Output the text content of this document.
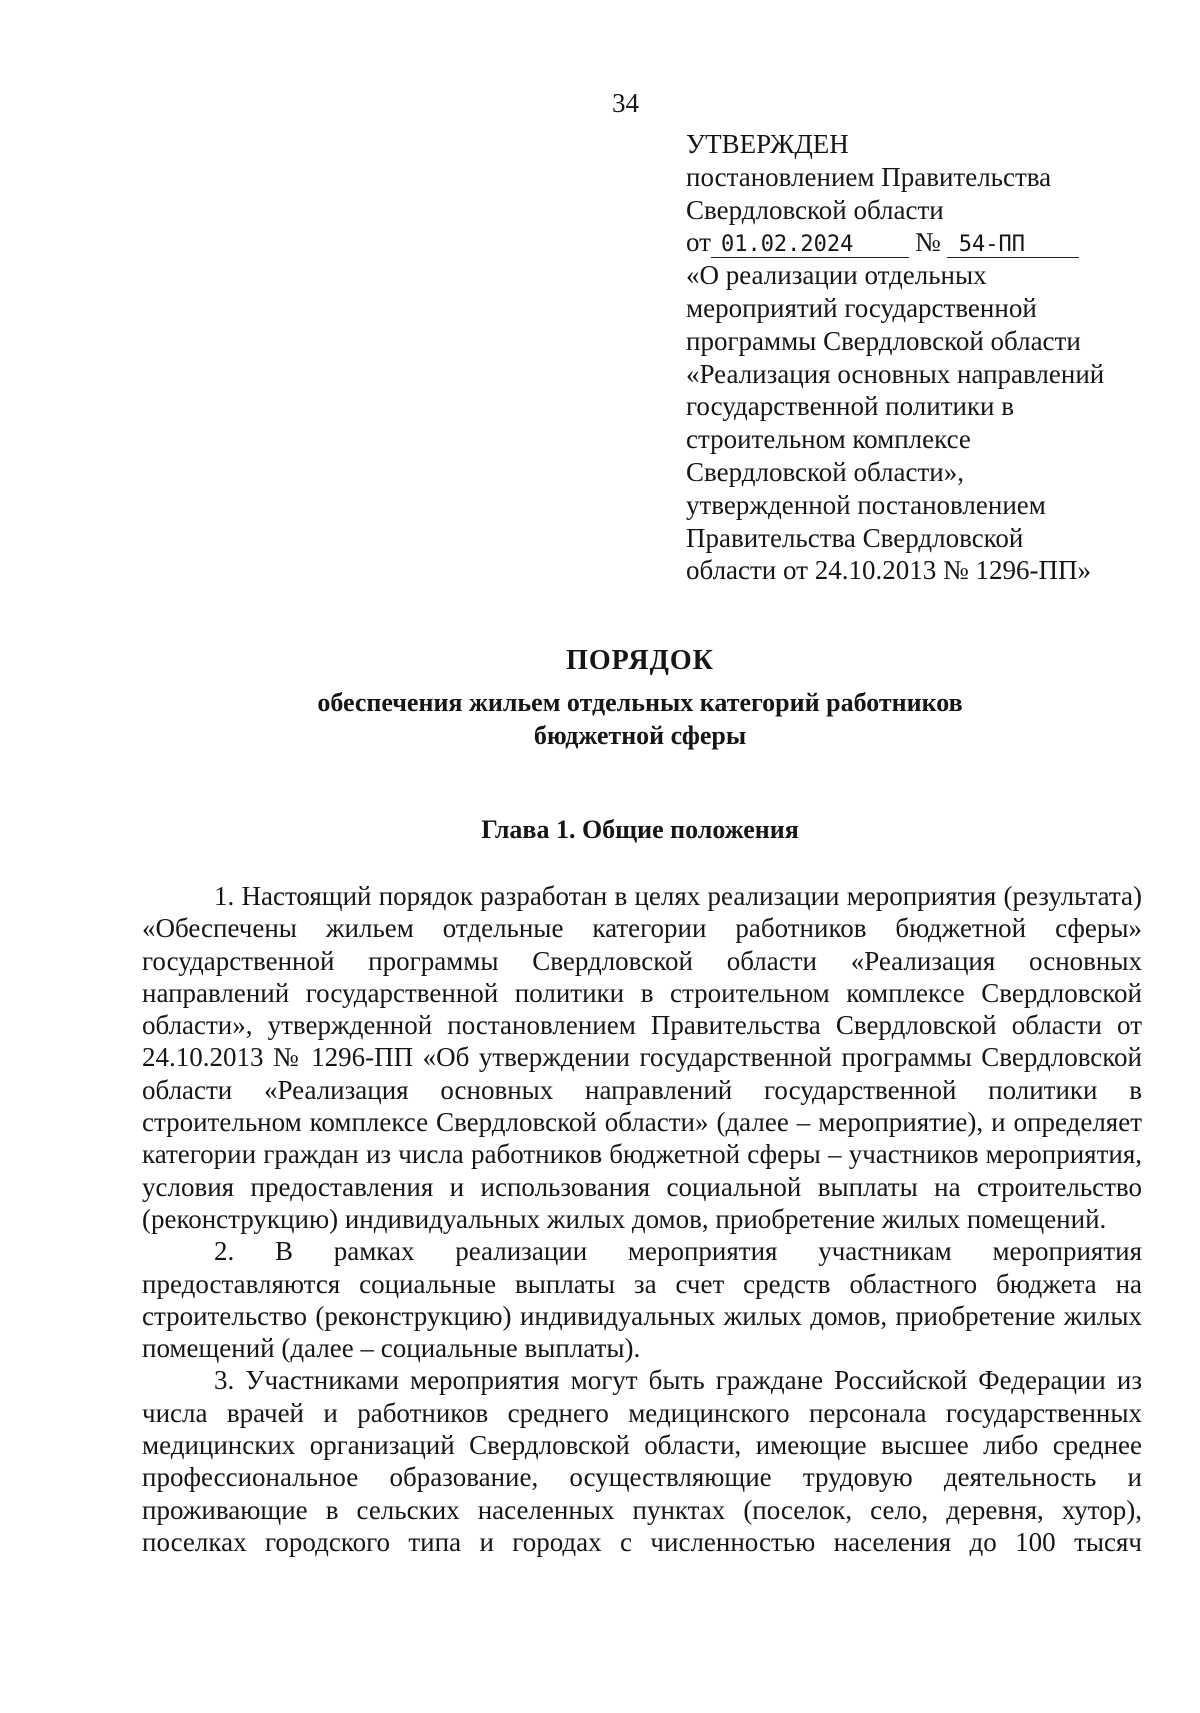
34
УТВЕРЖДЕН
постановлением Правительства
Свердловской области
от 01.02.2024 № 54-ПП
«О реализации отдельных
мероприятий государственной
программы Свердловской области
«Реализация основных направлений
государственной политики в
строительном комплексе
Свердловской области»,
утвержденной постановлением
Правительства Свердловской
области от 24.10.2013 № 1296-ПП»
ПОРЯДОК
обеспечения жильем отдельных категорий работников
бюджетной сферы
Глава 1. Общие положения

1. Настоящий порядок разработан в целях реализации мероприятия (результата) «Обеспечены жильем отдельные категории работников бюджетной сферы» государственной программы Свердловской области «Реализация основных направлений государственной политики в строительном комплексе Свердловской области», утвержденной постановлением Правительства Свердловской области от 24.10.2013 № 1296-ПП «Об утверждении государственной программы Свердловской области «Реализация основных направлений государственной политики в строительном комплексе Свердловской области» (далее – мероприятие), и определяет категории граждан из числа работников бюджетной сферы – участников мероприятия, условия предоставления и использования социальной выплаты на строительство (реконструкцию) индивидуальных жилых домов, приобретение жилых помещений.

2. В рамках реализации мероприятия участникам мероприятия предоставляются социальные выплаты за счет средств областного бюджета на строительство (реконструкцию) индивидуальных жилых домов, приобретение жилых помещений (далее – социальные выплаты).

3. Участниками мероприятия могут быть граждане Российской Федерации из числа врачей и работников среднего медицинского персонала государственных медицинских организаций Свердловской области, имеющие высшее либо среднее профессиональное образование, осуществляющие трудовую деятельность и проживающие в сельских населенных пунктах (поселок, село, деревня, хутор), поселках городского типа и городах с численностью населения до 100 тысяч
